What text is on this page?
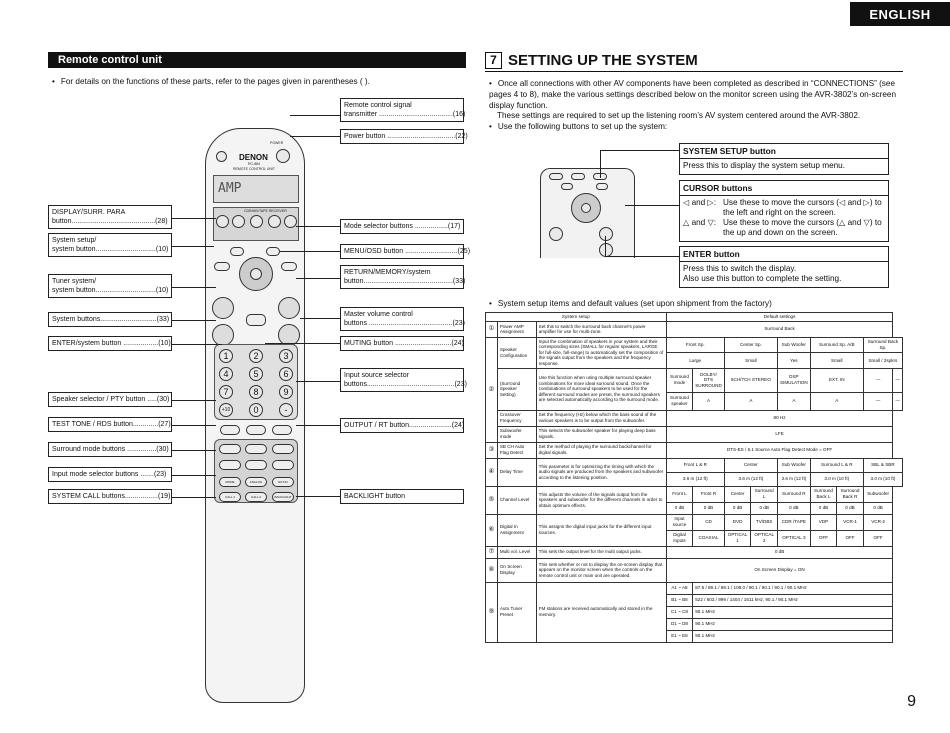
ENGLISH
Remote control unit
• For details on the functions of these parts, refer to the pages given in parentheses ( ).
POWER
DENON
RC-884
REMOTE CONTROL UNIT
AMP
CDR/MD/TAPE RECEIVER
1	2	3
4	5	6
7	8	9
+10	0	-
MODE	ANALOG	EXT.IN
CALL 1	CALL 2	BACKLIGHT
DISPLAY/SURR. PARA
button...........................................(28)
System setup/
system button...............................(10)
Tuner system/
system button...............................(10)
System buttons.............................(33)
ENTER/system button ..................(10)
Speaker selector / PTY button .....(30)
TEST TONE / RDS button.............(27)
Surround mode buttons ...............(30)
Input mode selector buttons .......(23)
SYSTEM CALL buttons.................(19)
Remote control signal
transmitter ......................................(16)
Power button ...................................(22)
Mode selector buttons .................(17)
MENU/OSD button ...........................(25)
RETURN/MEMORY/system
button..............................................(33)
Master volume control
buttons ...........................................(23)
MUTING button .............................(24)
Input source selector
buttons.............................................(23)
OUTPUT / RT button......................(24)
BACKLIGHT button
7 SETTING UP THE SYSTEM
• Once all connections with other AV components have been completed as described in “CONNECTIONS” (see pages 4 to 8), make the various settings described below on the monitor screen using the AVR-3802’s on-screen display function.
These settings are required to set up the listening room’s AV system centered around the AVR-3802.
• Use the following buttons to set up the system:
SYSTEM SETUP button
Press this to display the system setup menu.
CURSOR buttons
◁ and ▷: Use these to move the cursors (◁ and ▷) to the left and right on the screen.
△ and ▽: Use these to move the cursors (△ and ▽) to the up and down on the screen.
ENTER button
Press this to switch the display.
Also use this button to complete the setting.
• System setup items and default values (set upon shipment from the factory)
System setup			Default settings								
①	Power AMP Assignment	Set this to switch the surround back channel’s power amplifier for use for multi-zone.	Surround Back								
②	Speaker Configuration	Input the combination of speakers in your system and their corresponding sizes (SMALL for regular speakers, LARGE for full-size, full-range) to automatically set the composition of the signals output from the speakers and the frequency response.	Front Sp.		Center Sp.		Sub Woofer	Surround Sp. A/B		Surround Back Sp.	
			Large		Small		Yes	Small		Small / 2spkrs	
	(Surround Speaker Setting)	Use this function when using multiple surround speaker combinations for more ideal surround sound. Once the combinations of surround speakers to be used for the different surround modes are preset, the surround speakers are selected automatically according to the surround mode.	Surround mode	DOLBY/ DTS SURROUND	5CH/7CH STEREO		DSP SIMULATION	EXT. IN		—	—
			Surround speaker	A	A		A	A		—	—
	Crossover Frequency	Set the frequency (Hz) below which the bass sound of the various speakers is to be output from the subwoofer.	80 Hz								
	Subwoofer mode	This selects the subwoofer speaker for playing deep bass signals.	LFE								
③	SB CH Auto Flag Detect	Set the method of playing the surround backchannel for digital signals.	DTS-ES / 6.1 Source Auto Flag Detect Mode = OFF								
④	Delay Time	This parameter is for optimizing the timing with which the audio signals are produced from the speakers and subwoofer according to the listening position.	Front L & R		Center		Sub Woofer	Surround L & R		SBL & SBR	
			3.6 m (12 ft)		3.6 m (12 ft)		3.6 m (12 ft)	3.0 m (10 ft)		3.0 m (10 ft)	
⑤	Channel Level	This adjusts the volume of the signals output from the speakers and subwoofer for the different channels in order to obtain optimum effects.	Front L	Front R	Center	Surround L	Surround R	Surround Back L	Surround Back R	Subwoofer	
			0 dB	0 dB	0 dB	0 dB	0 dB	0 dB	0 dB	0 dB	
⑥	Digital In Assignment	This assigns the digital input jacks for the different input sources.	Input source	CD	DVD	TV/DBS	CDR /TAPE	VDP	VCR-1	VCR-2	
			Digital Inputs	COAXIAL	OPTICAL 1	OPTICAL 2	OPTICAL 3	OFF	OFF	OFF	
⑦	Multi vol. Level	This sets the output level for the multi output jacks.	0 dB								
⑧	On Screen Display	This sets whether or not to display the on-screen display that appears on the monitor screen when the controls on the remote control unit or main unit are operated.	On Screen Display = ON								
⑨	Auto Tuner Preset	FM stations are received automatically and stored in the memory.	A1 ~ A8	87.5 / 89.1 / 98.1 / 108.0 / 90.1 / 90.1 / 90.1 / 90.1 MHz							
			B1 ~ B8	522 / 603 / 999 / 1404 / 1611 kHz, 90.1 / 90.1 MHz							
			C1 ~ C8	90.1 MHz							
			D1 ~ D8	90.1 MHz							
			E1 ~ E8	90.1 MHz							
9
